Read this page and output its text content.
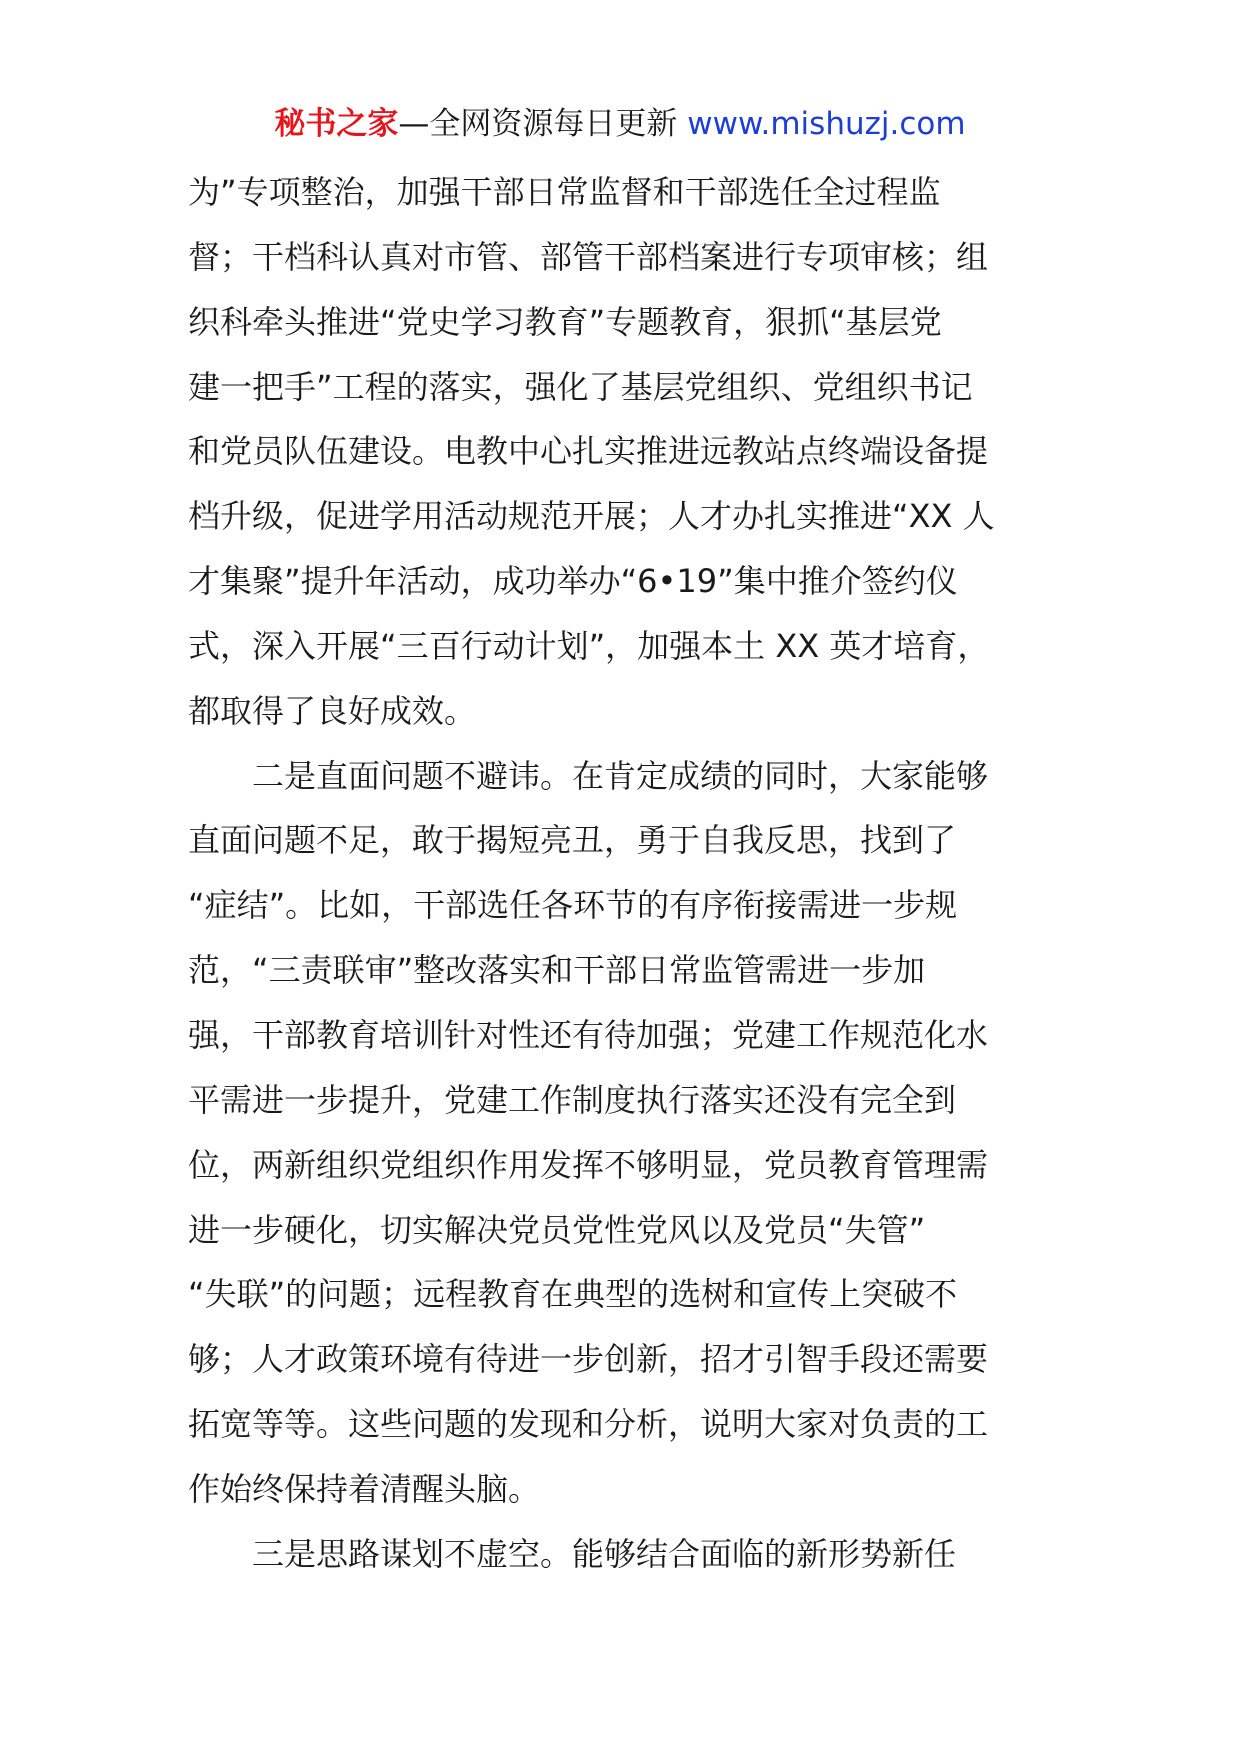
秘书之家—全网资源每日更新 www.mishuzj.com
为”专项整治，加强干部日常监督和干部选任全过程监
督；干档科认真对市管、部管干部档案进行专项审核；组
织科牵头推进“党史学习教育”专题教育，狠抓“基层党
建一把手”工程的落实，强化了基层党组织、党组织书记
和党员队伍建设。电教中心扎实推进远教站点终端设备提
档升级，促进学用活动规范开展；人才办扎实推进“XX 人
才集聚”提升年活动，成功举办“6•19”集中推介签约仪
式，深入开展“三百行动计划”，加强本土 XX 英才培育，
都取得了良好成效。
　　二是直面问题不避讳。在肯定成绩的同时，大家能够
直面问题不足，敢于揭短亮丑，勇于自我反思，找到了
“症结”。比如，干部选任各环节的有序衔接需进一步规
范，“三责联审”整改落实和干部日常监管需进一步加
强，干部教育培训针对性还有待加强；党建工作规范化水
平需进一步提升，党建工作制度执行落实还没有完全到
位，两新组织党组织作用发挥不够明显，党员教育管理需
进一步硬化，切实解决党员党性党风以及党员“失管”
“失联”的问题；远程教育在典型的选树和宣传上突破不
够；人才政策环境有待进一步创新，招才引智手段还需要
拓宽等等。这些问题的发现和分析，说明大家对负责的工
作始终保持着清醒头脑。
　　三是思路谋划不虚空。能够结合面临的新形势新任
